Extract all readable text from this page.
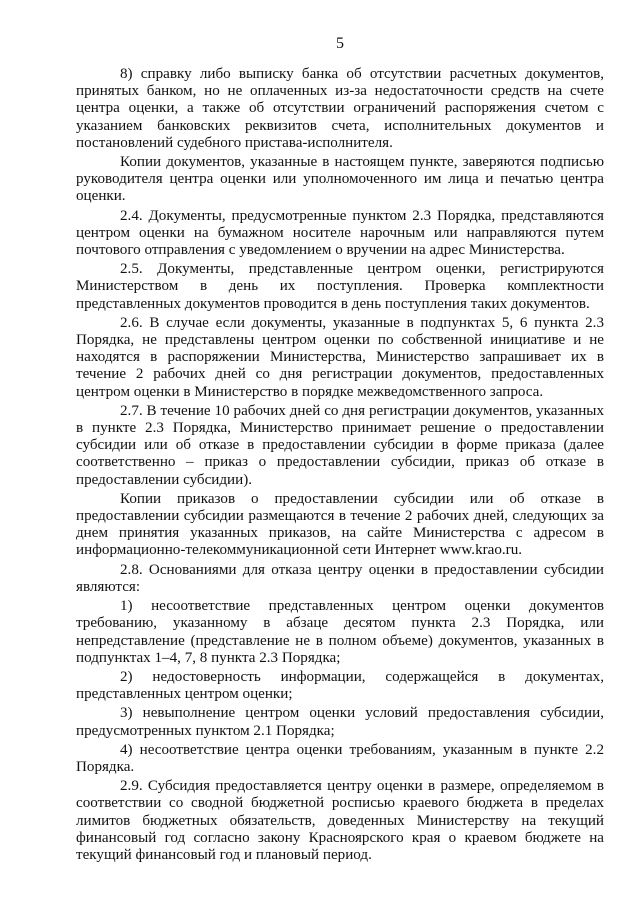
5

8) справку либо выписку банка об отсутствии расчетных документов, принятых банком, но не оплаченных из-за недостаточности средств на счете центра оценки, а также об отсутствии ограничений распоряжения счетом с указанием банковских реквизитов счета, исполнительных документов и постановлений судебного пристава-исполнителя.

Копии документов, указанные в настоящем пункте, заверяются подписью руководителя центра оценки или уполномоченного им лица и печатью центра оценки.

2.4. Документы, предусмотренные пунктом 2.3 Порядка, представляются центром оценки на бумажном носителе нарочным или направляются путем почтового отправления с уведомлением о вручении на адрес Министерства.

2.5. Документы, представленные центром оценки, регистрируются Министерством в день их поступления. Проверка комплектности представленных документов проводится в день поступления таких документов.

2.6. В случае если документы, указанные в подпунктах 5, 6 пункта 2.3 Порядка, не представлены центром оценки по собственной инициативе и не находятся в распоряжении Министерства, Министерство запрашивает их в течение 2 рабочих дней со дня регистрации документов, предоставленных центром оценки в Министерство в порядке межведомственного запроса.

2.7. В течение 10 рабочих дней со дня регистрации документов, указанных в пункте 2.3 Порядка, Министерство принимает решение о предоставлении субсидии или об отказе в предоставлении субсидии в форме приказа (далее соответственно – приказ о предоставлении субсидии, приказ об отказе в предоставлении субсидии).

Копии приказов о предоставлении субсидии или об отказе в предоставлении субсидии размещаются в течение 2 рабочих дней, следующих за днем принятия указанных приказов, на сайте Министерства с адресом в информационно-телекоммуникационной сети Интернет www.krao.ru.

2.8. Основаниями для отказа центру оценки в предоставлении субсидии являются:

1) несоответствие представленных центром оценки документов требованию, указанному в абзаце десятом пункта 2.3 Порядка, или непредставление (представление не в полном объеме) документов, указанных в подпунктах 1–4, 7, 8 пункта 2.3 Порядка;

2) недостоверность информации, содержащейся в документах, представленных центром оценки;

3) невыполнение центром оценки условий предоставления субсидии, предусмотренных пунктом 2.1 Порядка;

4) несоответствие центра оценки требованиям, указанным в пункте 2.2 Порядка.

2.9. Субсидия предоставляется центру оценки в размере, определяемом в соответствии со сводной бюджетной росписью краевого бюджета в пределах лимитов бюджетных обязательств, доведенных Министерству на текущий финансовый год согласно закону Красноярского края о краевом бюджете на текущий финансовый год и плановый период.
